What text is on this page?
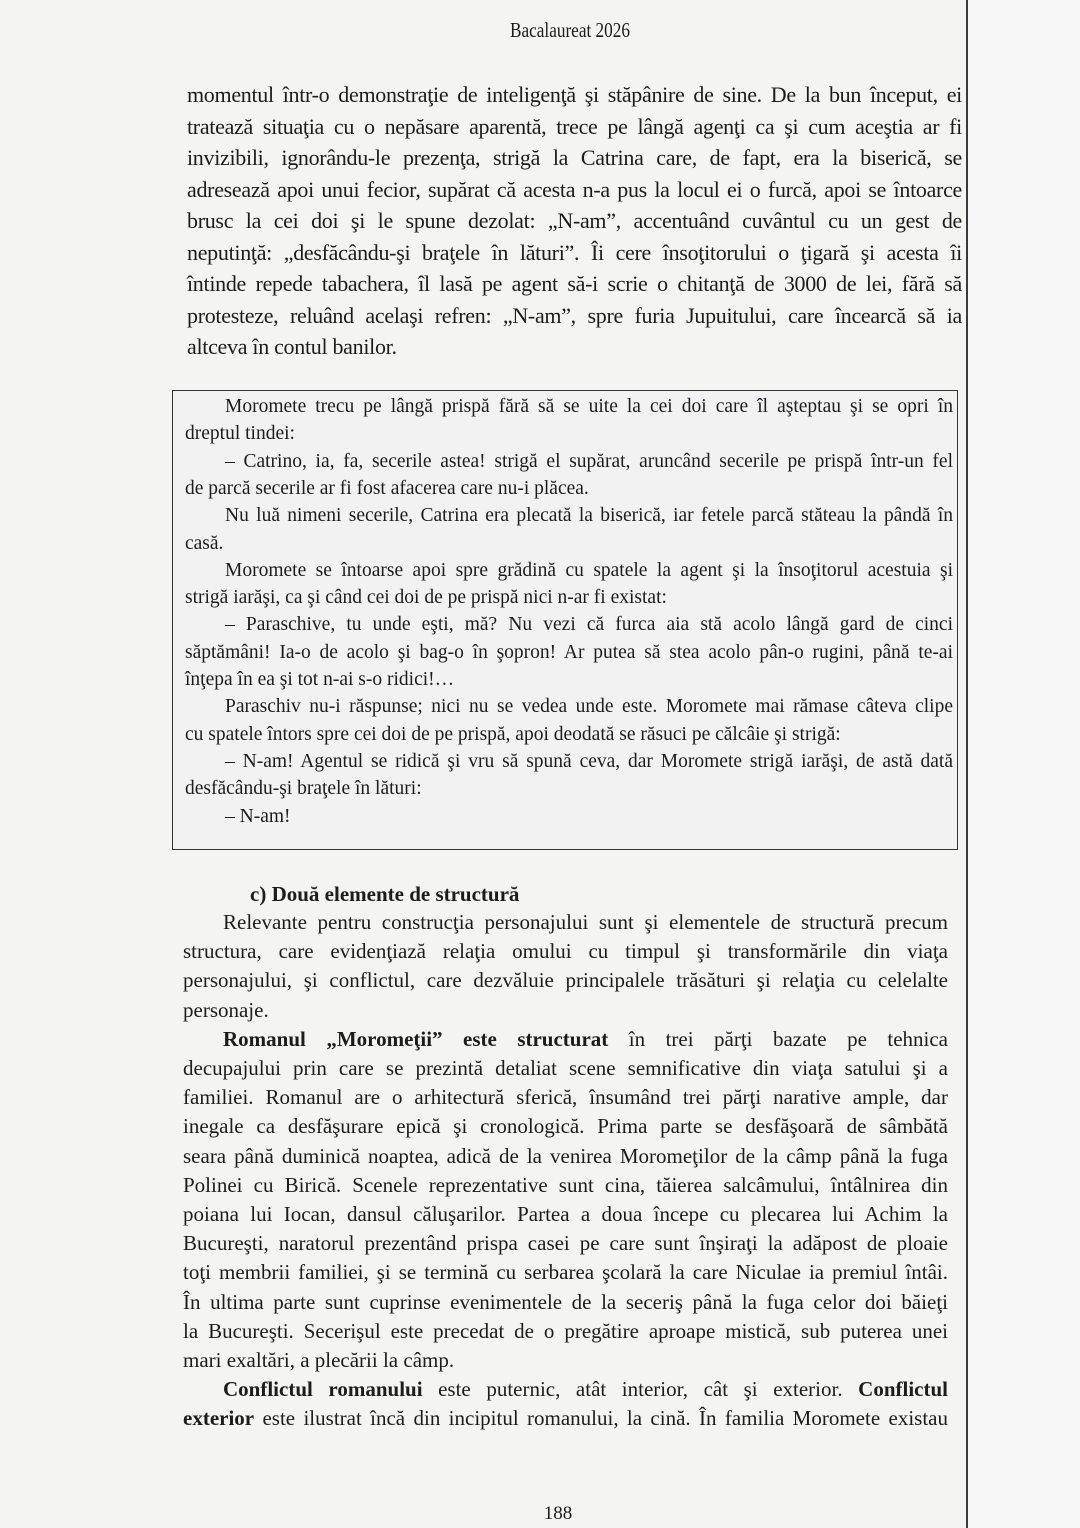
Bacalaureat 2026
momentul într-o demonstraţie de inteligenţă şi stăpânire de sine. De la bun început, ei
tratează situaţia cu o nepăsare aparentă, trece pe lângă agenţi ca şi cum aceştia ar fi
invizibili, ignorându-le prezenţa, strigă la Catrina care, de fapt, era la biserică, se
adresează apoi unui fecior, supărat că acesta n-a pus la locul ei o furcă, apoi se întoarce
brusc la cei doi şi le spune dezolat: „N-am”, accentuând cuvântul cu un gest de
neputinţă: „desfăcându-şi braţele în lături”. Îi cere însoţitorului o ţigară şi acesta îi
întinde repede tabachera, îl lasă pe agent să-i scrie o chitanţă de 3000 de lei, fără să
protesteze, reluând acelaşi refren: „N-am”, spre furia Jupuitului, care încearcă să ia
altceva în contul banilor.
Moromete trecu pe lângă prispă fără să se uite la cei doi care îl aşteptau şi se opri în
dreptul tindei:
– Catrino, ia, fa, secerile astea! strigă el supărat, aruncând secerile pe prispă într-un fel
de parcă secerile ar fi fost afacerea care nu-i plăcea.
Nu luă nimeni secerile, Catrina era plecată la biserică, iar fetele parcă stăteau la pândă în
casă.
Moromete se întoarse apoi spre grădină cu spatele la agent şi la însoţitorul acestuia şi
strigă iarăşi, ca şi când cei doi de pe prispă nici n-ar fi existat:
– Paraschive, tu unde eşti, mă? Nu vezi că furca aia stă acolo lângă gard de cinci
săptămâni! Ia-o de acolo şi bag-o în şopron! Ar putea să stea acolo pân-o rugini, până te-ai
înţepa în ea şi tot n-ai s-o ridici!…
Paraschiv nu-i răspunse; nici nu se vedea unde este. Moromete mai rămase câteva clipe
cu spatele întors spre cei doi de pe prispă, apoi deodată se răsuci pe călcâie şi strigă:
– N-am! Agentul se ridică şi vru să spună ceva, dar Moromete strigă iarăşi, de astă dată
desfăcându-şi braţele în lături:
– N-am!
c) Două elemente de structură
Relevante pentru construcţia personajului sunt şi elementele de structură precum
structura, care evidenţiază relaţia omului cu timpul şi transformările din viaţa
personajului, şi conflictul, care dezvăluie principalele trăsături şi relaţia cu celelalte
personaje.
Romanul „Moromeţii” este structurat în trei părţi bazate pe tehnica
decupajului prin care se prezintă detaliat scene semnificative din viaţa satului şi a
familiei. Romanul are o arhitectură sferică, însumând trei părţi narative ample, dar
inegale ca desfăşurare epică şi cronologică. Prima parte se desfăşoară de sâmbătă
seara până duminică noaptea, adică de la venirea Moromeţilor de la câmp până la fuga
Polinei cu Birică. Scenele reprezentative sunt cina, tăierea salcâmului, întâlnirea din
poiana lui Iocan, dansul căluşarilor. Partea a doua începe cu plecarea lui Achim la
Bucureşti, naratorul prezentând prispa casei pe care sunt înşiraţi la adăpost de ploaie
toţi membrii familiei, şi se termină cu serbarea şcolară la care Niculae ia premiul întâi.
În ultima parte sunt cuprinse evenimentele de la seceriş până la fuga celor doi băieţi
la Bucureşti. Secerişul este precedat de o pregătire aproape mistică, sub puterea unei
mari exaltări, a plecării la câmp.
Conflictul romanului este puternic, atât interior, cât şi exterior. Conflictul
exterior este ilustrat încă din incipitul romanului, la cină. În familia Moromete existau
188
